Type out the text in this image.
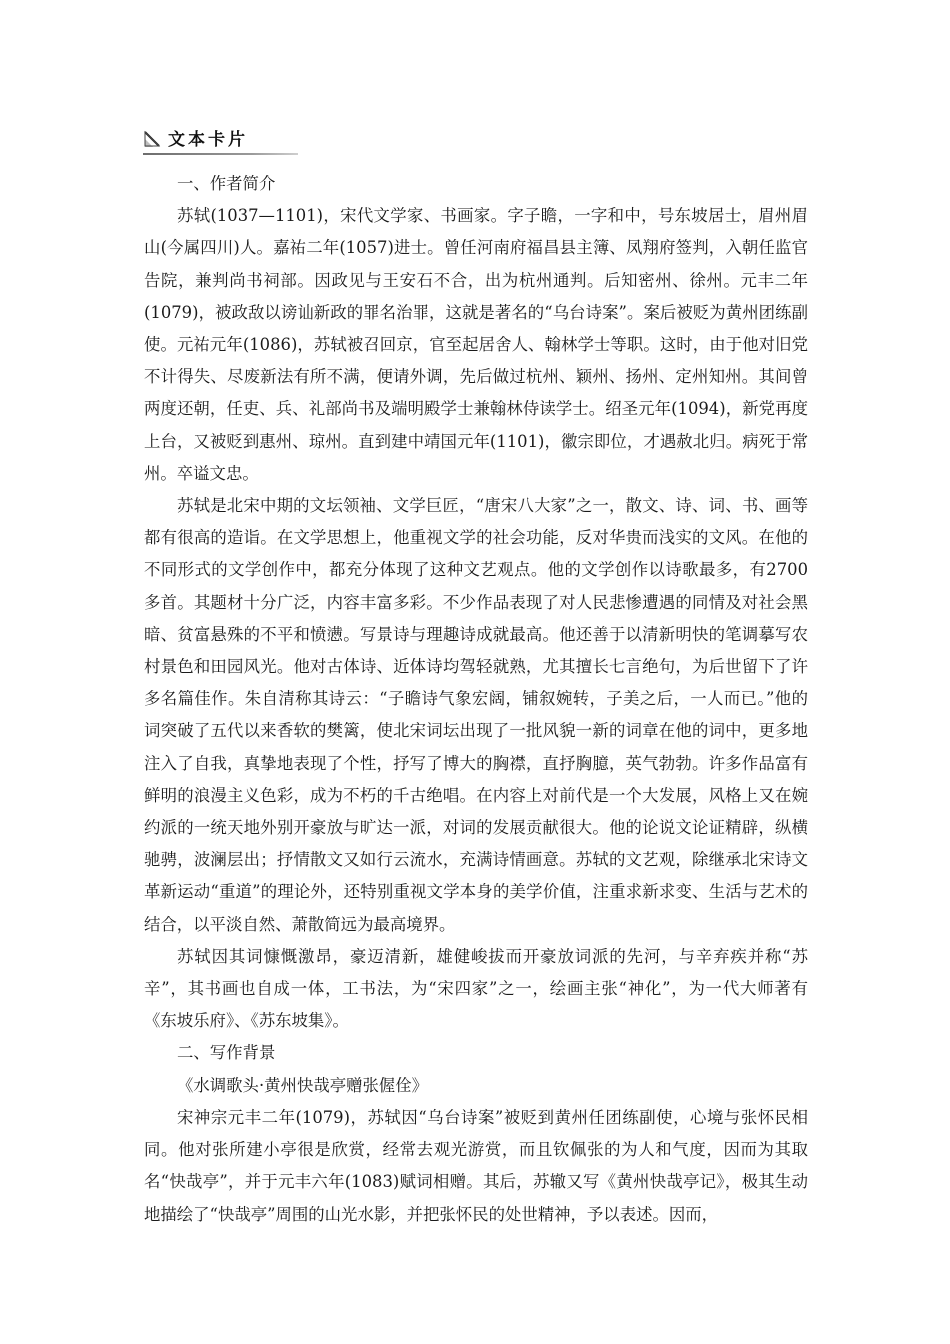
文本卡片

一、作者简介

苏轼(1037—1101)，宋代文学家、书画家。字子瞻，一字和中，号东坡居士，眉州眉山(今属四川)人。嘉祐二年(1057)进士。曾任河南府福昌县主簿、凤翔府签判，入朝任监官告院，兼判尚书祠部。因政见与王安石不合，出为杭州通判。后知密州、徐州。元丰二年(1079)，被政敌以谤讪新政的罪名治罪，这就是著名的“乌台诗案”。案后被贬为黄州团练副使。元祐元年(1086)，苏轼被召回京，官至起居舍人、翰林学士等职。这时，由于他对旧党不计得失、尽废新法有所不满，便请外调，先后做过杭州、颖州、扬州、定州知州。其间曾两度还朝，任吏、兵、礼部尚书及端明殿学士兼翰林侍读学士。绍圣元年(1094)，新党再度上台，又被贬到惠州、琼州。直到建中靖国元年(1101)，徽宗即位，才遇赦北归。病死于常州。卒谥文忠。

苏轼是北宋中期的文坛领袖、文学巨匠，“唐宋八大家”之一，散文、诗、词、书、画等都有很高的造诣。在文学思想上，他重视文学的社会功能，反对华贵而浅实的文风。在他的不同形式的文学创作中，都充分体现了这种文艺观点。他的文学创作以诗歌最多，有2700多首。其题材十分广泛，内容丰富多彩。不少作品表现了对人民悲惨遭遇的同情及对社会黑暗、贫富悬殊的不平和愤懑。写景诗与理趣诗成就最高。他还善于以清新明快的笔调摹写农村景色和田园风光。他对古体诗、近体诗均驾轻就熟，尤其擅长七言绝句，为后世留下了许多名篇佳作。朱自清称其诗云：“子瞻诗气象宏阔，铺叙婉转，子美之后，一人而已。”他的词突破了五代以来香软的樊篱，使北宋词坛出现了一批风貌一新的词章在他的词中，更多地注入了自我，真挚地表现了个性，抒写了博大的胸襟，直抒胸臆，英气勃勃。许多作品富有鲜明的浪漫主义色彩，成为不朽的千古绝唱。在内容上对前代是一个大发展，风格上又在婉约派的一统天地外别开豪放与旷达一派，对词的发展贡献很大。他的论说文论证精辟，纵横驰骋，波澜层出；抒情散文又如行云流水，充满诗情画意。苏轼的文艺观，除继承北宋诗文革新运动“重道”的理论外，还特别重视文学本身的美学价值，注重求新求变、生活与艺术的结合，以平淡自然、萧散简远为最高境界。

苏轼因其词慷慨激昂，豪迈清新，雄健峻拔而开豪放词派的先河，与辛弃疾并称“苏辛”，其书画也自成一体，工书法，为“宋四家”之一，绘画主张“神化”，为一代大师著有《东坡乐府》、《苏东坡集》。

二、写作背景

《水调歌头·黄州快哉亭赠张偓佺》

宋神宗元丰二年(1079)，苏轼因“乌台诗案”被贬到黄州任团练副使，心境与张怀民相同。他对张所建小亭很是欣赏，经常去观光游赏，而且钦佩张的为人和气度，因而为其取名“快哉亭”，并于元丰六年(1083)赋词相赠。其后，苏辙又写《黄州快哉亭记》，极其生动地描绘了“快哉亭”周围的山光水影，并把张怀民的处世精神，予以表述。因而，
